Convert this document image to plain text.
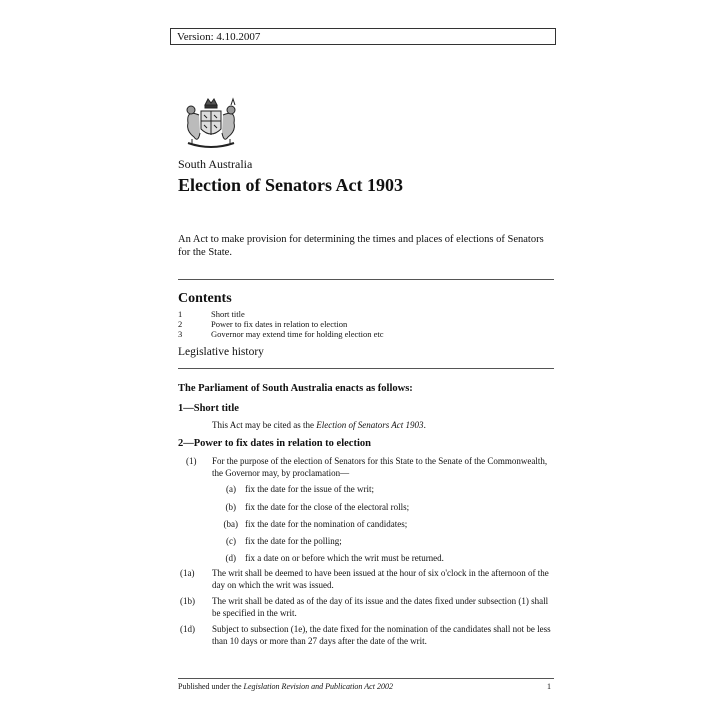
Version: 4.10.2007
South Australia
Election of Senators Act 1903
An Act to make provision for determining the times and places of elections of Senators for the State.
Contents
1	Short title
2	Power to fix dates in relation to election
3	Governor may extend time for holding election etc
Legislative history
The Parliament of South Australia enacts as follows:
1—Short title
This Act may be cited as the Election of Senators Act 1903.
2—Power to fix dates in relation to election
(1) For the purpose of the election of Senators for this State to the Senate of the Commonwealth, the Governor may, by proclamation—
(a) fix the date for the issue of the writ;
(b) fix the date for the close of the electoral rolls;
(ba) fix the date for the nomination of candidates;
(c) fix the date for the polling;
(d) fix a date on or before which the writ must be returned.
(1a) The writ shall be deemed to have been issued at the hour of six o'clock in the afternoon of the day on which the writ was issued.
(1b) The writ shall be dated as of the day of its issue and the dates fixed under subsection (1) shall be specified in the writ.
(1d) Subject to subsection (1e), the date fixed for the nomination of the candidates shall not be less than 10 days or more than 27 days after the date of the writ.
Published under the Legislation Revision and Publication Act 2002	1
